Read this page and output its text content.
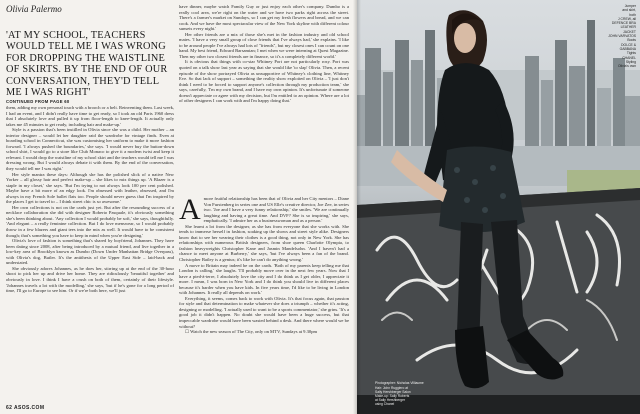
Olivia Palermo
'AT MY SCHOOL, TEACHERS WOULD TELL ME I WAS WRONG FOR DROPPING THE WAISTLINE OF SKIRTS. BY THE END OF OUR CONVERSATION, THEY'D TELL ME I WAS RIGHT'
CONTINUED FROM PAGE 60

them, adding my own personal touch with a brooch or a belt. Reinventing them. Last week, I had an event, and I didn't really have time to get ready, so I took an old Paris 1960 dress that I absolutely love and pulled it up from floor-length to knee-length. It actually only takes me 45 minutes to get ready, including hair and make-up.'

Style is a passion that's been instilled in Olivia since she was a child. Her mother – an interior designer – would let her daughter raid the wardrobe for vintage finds. Even at boarding school in Connecticut, she was customising her uniform to make it more fashion forward. 'I always pushed the boundaries,' she says. 'I would never buy the button-down school shirt, I would go to a store like Club Monaco to give it a modern twist and keep it relevant. I would drop the waistline of my school skirt and the teachers would tell me I was dressing wrong. But I would always debate it with them. By the end of the conversation, they would tell me I was right.'

Her style mantra these days: Although she has the polished slick of a native New Yorker – all glossy hair and perfect make-up – she likes to mix things up. 'A Blazer is a staple in my closet,' she says. 'But I'm trying to not always look 100 per cent polished. Maybe have a bit more of an edgy look. I'm obsessed with leather, obsessed, and I'm always in my French Sole ballet flats too. People should never guess that I'm inspired by the places I get to travel to – I think street chic is so awesome.'

Her own collections is not on the cards just yet. But after the resounding success of a necklace collaboration she did with designer Roberto Pasquale, it's obviously something she's been thinking about. 'Any collection I would probably be soft,' she says, thoughtfully. 'And elegant – a really feminine collection. But I do love menswear, so I would probably throw in a few blazers and giant tees into the mix as well. It would have to be consistent though; that's something you have to keep in mind when you're designing.'

Olivia's love of fashion is something that's shared by boyfriend, Johannes. They have been dating since 2008, after being introduced by a mutual friend, and live together in a low-key area of Brooklyn known as Dumbo (Down Under Manhattan Bridge Overpass), with Olivia's dog, Butler. It's the antithesis of the Upper East Side – laid-back and understated.

She obviously adores Johannes, as he does her, stirring up at the end of the 30-hour shoot to pick her up and drive her home. They are ridiculously 'beautiful together' and obviously in love. I think I have a crush on both of them, certainly of their lifestyle. 'Johannes travels a lot with the modelling,' she says, 'but if he's gone for a long period of time, I'll go to Europe to see him. Or if we're both here, we'll just

have dinner, maybe watch Family Guy or just enjoy each other's company. Dumbo is a really cool area, we're right on the water and we have two parks right across the street. There's a farmer's market on Sundays, so I can get my fresh flowers and bread, and we can cook. And we have the most spectacular view of the New York skyline with different colour sunsets every night.'

Her other friends are a mix of those she's met in the fashion industry and old school mates. 'I have a very small group of close friends that I've always had,' she explains. 'I like to be around people I've always had lots of "friends", but my closest ones I can count on one hand. My best friend, Edward Barsamian; I met when we were interning at Quest Magazine. Then my other two closest friends are in finance, so it's a completely different world.'

It is obvious that things with co-star Whitney Port are not particularly rosy. Port was quoted on a talk show last year as saying that she would like 'to slap' Olivia. Then, a recent episode of the show portrayed Olivia as unsupportive of Whitney's clothing line, Whitney Eve. So that lack of support – something the reality show exploited on Olivia – 'I just don't think I need to be forced to support anyone's collection through my production team,' she says, carefully, 'I'm my own brand, and I have my own opinion. It's unfortunate if someone doesn't appreciate or agree with my decision, but I'm entitled to an opinion. Where are a lot of other designers I can work with and I'm happy doing that.'

A more fruitful relationship has been that of Olivia and her City mentors – Diane Von Furstenberg in series one and US Elle's creative director, Joe Zee, in series two. 'Joe and I have a very funny relationship,' she smiles. 'We are continually laughing and having a great time. And DVF? She is so inspiring,' she says, emphatically. 'I admire her as a businesswoman and as a person.'

She learnt a lot from the designer, as she has from everyone that she works with. She tends to immerse herself in fashion, soaking up the shows and street style alike. Designers know that to see her wearing their clothes is a good thing, not only in New York. She has relationships with numerous British designers, from shoe queen Charlotte Olympia, to fashion heavyweights Christopher Kane and Jasmin Mandelsohn. 'And I haven't had a chance to meet anyone at Burberry,' she says, 'but I've always been a fan of the brand. Christopher Bailey is a genius; it's like he can't do anything wrong.'

A move to Britain may indeed be on the cards. 'Both of my parents keep telling me that London is calling,' she laughs. 'I'll probably move over in the next few years. Now that I have a pied-à-terre, I absolutely love the city and I do think as I get older, I appreciate it more. I mean, I was born in New York and I do think you should live in different places because it's harder when you have kids. In five years time, I'd like to be living in London with Johannes. It really all depends on work.'

Everything, it seems, comes back to work with Olivia. It's that focus again, that passion for style and that determination to make whatever she does a triumph – whether it's acting, designing or modelling. 'I actually used to want to be a sports commentator,' she grins. 'It's a good job it didn't happen. No doubt she would have been a huge success, but that impeccable wardrobe would have been wasted behind a desk. And there where would we be without?

☐ Watch the new season of The City, only on MTV, Sundays at 9.30pm

62 ASOS.COM
Jumper
and skirt,
both
J CREW, all
DEFENCE BRA
LEATHER
JACKET
JOHN VARVATOS
Boots
DOLCE &
GABBANA
Tights
CHANEL
Styling
Olivia's own
Photographer: Nicholas Villiaume
Hair: John Ruggiero at
Sally Hershberger Salon
Make-up: Sally Roberts
at Sally Hershberger
using Chanel
